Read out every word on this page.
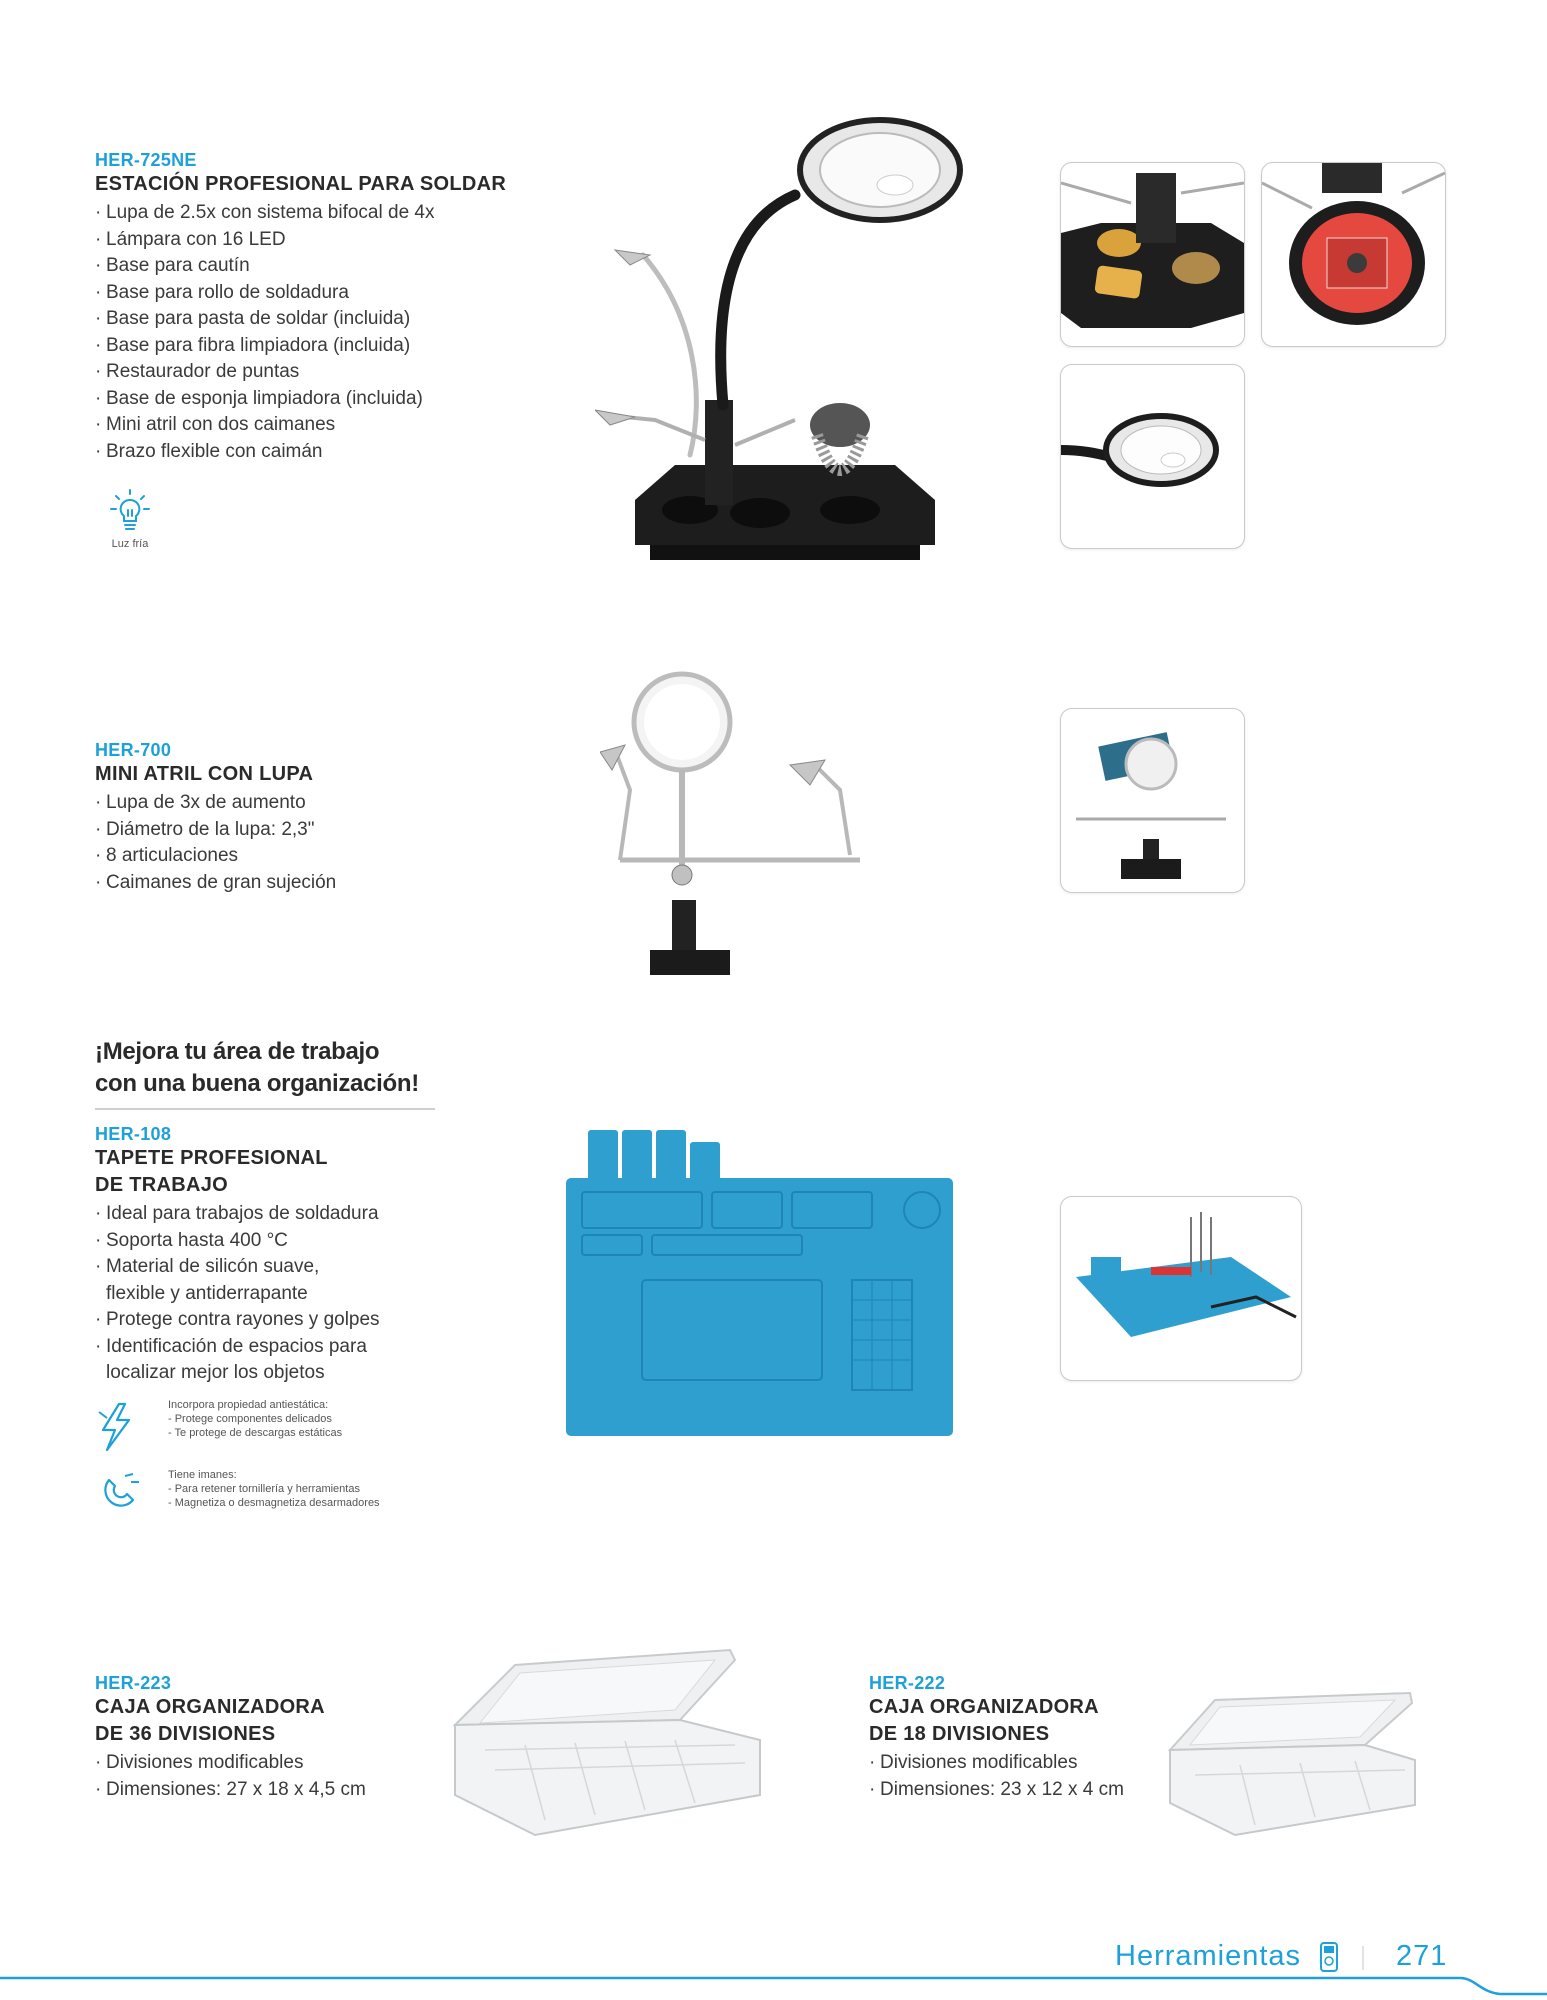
HER-725NE
ESTACIÓN PROFESIONAL PARA SOLDAR
· Lupa de 2.5x con sistema bifocal de 4x
· Lámpara con 16 LED
· Base para cautín
· Base para rollo de soldadura
· Base para pasta de soldar (incluida)
· Base para fibra limpiadora (incluida)
· Restaurador de puntas
· Base de esponja limpiadora (incluida)
· Mini atril con dos caimanes
· Brazo flexible con caimán
Luz fría
HER-700
MINI ATRIL CON LUPA
· Lupa de 3x de aumento
· Diámetro de la lupa: 2,3"
· 8 articulaciones
· Caimanes de gran sujeción
¡Mejora tu área de trabajo
con una buena organización!
HER-108
TAPETE PROFESIONAL
DE TRABAJO
· Ideal para trabajos de soldadura
· Soporta hasta 400 °C
· Material de silicón suave,
flexible y antiderrapante
· Protege contra rayones y golpes
· Identificación de espacios para
localizar mejor los objetos
Incorpora propiedad antiestática:
- Protege componentes delicados
- Te protege de descargas estáticas
Tiene imanes:
- Para retener tornillería y herramientas
- Magnetiza o desmagnetiza desarmadores
HER-223
CAJA ORGANIZADORA
DE 36 DIVISIONES
· Divisiones modificables
· Dimensiones: 27 x 18 x 4,5 cm
HER-222
CAJA ORGANIZADORA
DE 18 DIVISIONES
· Divisiones modificables
· Dimensiones: 23 x 12 x 4 cm
Herramientas	271
